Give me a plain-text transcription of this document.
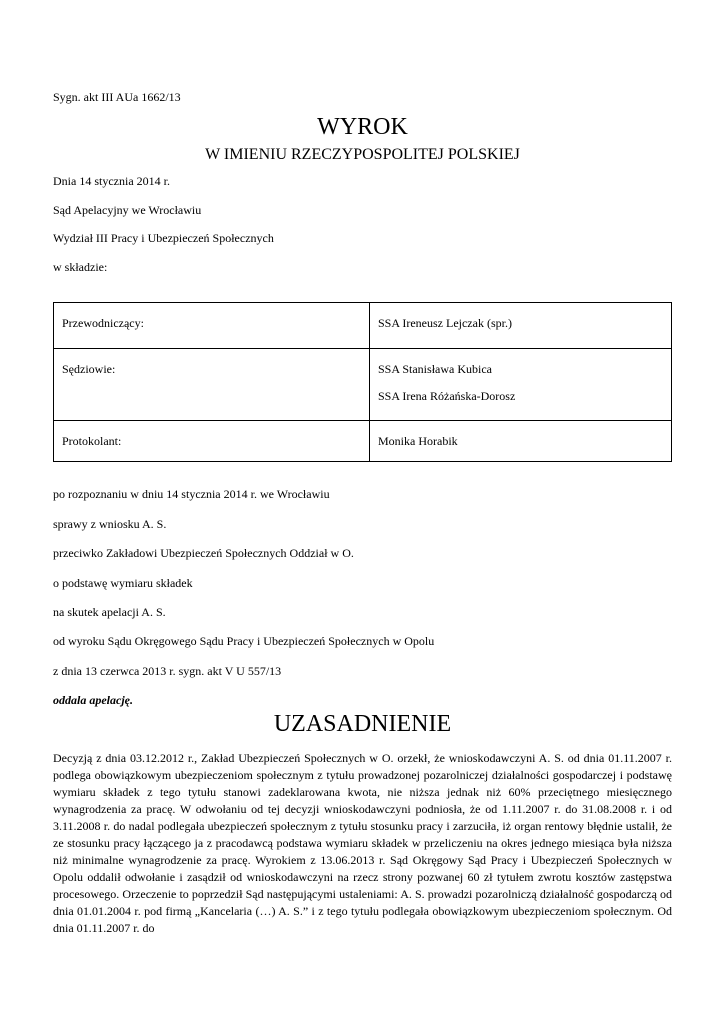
Sygn. akt III AUa 1662/13
WYROK
W IMIENIU RZECZYPOSPOLITEJ POLSKIEJ
Dnia 14 stycznia 2014 r.
Sąd Apelacyjny we Wrocławiu
Wydział III Pracy i Ubezpieczeń Społecznych
w składzie:
Przewodniczący:	SSA Ireneusz Lejczak (spr.)

Sędziowie:	SSA Stanisława Kubica
SSA Irena Różańska-Dorosz

Protokolant:	Monika Horabik
po rozpoznaniu w dniu 14 stycznia 2014 r. we Wrocławiu
sprawy z wniosku A. S.
przeciwko Zakładowi Ubezpieczeń Społecznych Oddział w O.
o podstawę wymiaru składek
na skutek apelacji A. S.
od wyroku Sądu Okręgowego Sądu Pracy i Ubezpieczeń Społecznych w Opolu
z dnia 13 czerwca 2013 r. sygn. akt V U 557/13
oddala apelację.
UZASADNIENIE

Decyzją z dnia 03.12.2012 r., Zakład Ubezpieczeń Społecznych w O. orzekł, że wnioskodawczyni A. S. od dnia 01.11.2007 r. podlega obowiązkowym ubezpieczeniom społecznym z tytułu prowadzonej pozarolniczej działalności gospodarczej i podstawę wymiaru składek z tego tytułu stanowi zadeklarowana kwota, nie niższa jednak niż 60% przeciętnego miesięcznego wynagrodzenia za pracę. W odwołaniu od tej decyzji wnioskodawczyni podniosła, że od 1.11.2007 r. do 31.08.2008 r. i od 3.11.2008 r. do nadal podlegała ubezpieczeń społecznym z tytułu stosunku pracy i zarzuciła, iż organ rentowy błędnie ustalił, że ze stosunku pracy łączącego ja z pracodawcą podstawa wymiaru składek w przeliczeniu na okres jednego miesiąca była niższa niż minimalne wynagrodzenie za pracę. Wyrokiem z 13.06.2013 r. Sąd Okręgowy Sąd Pracy i Ubezpieczeń Społecznych w Opolu oddalił odwołanie i zasądził od wnioskodawczyni na rzecz strony pozwanej 60 zł tytułem zwrotu kosztów zastępstwa procesowego. Orzeczenie to poprzedził Sąd następującymi ustaleniami: A. S. prowadzi pozarolniczą działalność gospodarczą od dnia 01.01.2004 r. pod firmą „Kancelaria (…) A. S.” i z tego tytułu podlegała obowiązkowym ubezpieczeniom społecznym. Od dnia 01.11.2007 r. do
